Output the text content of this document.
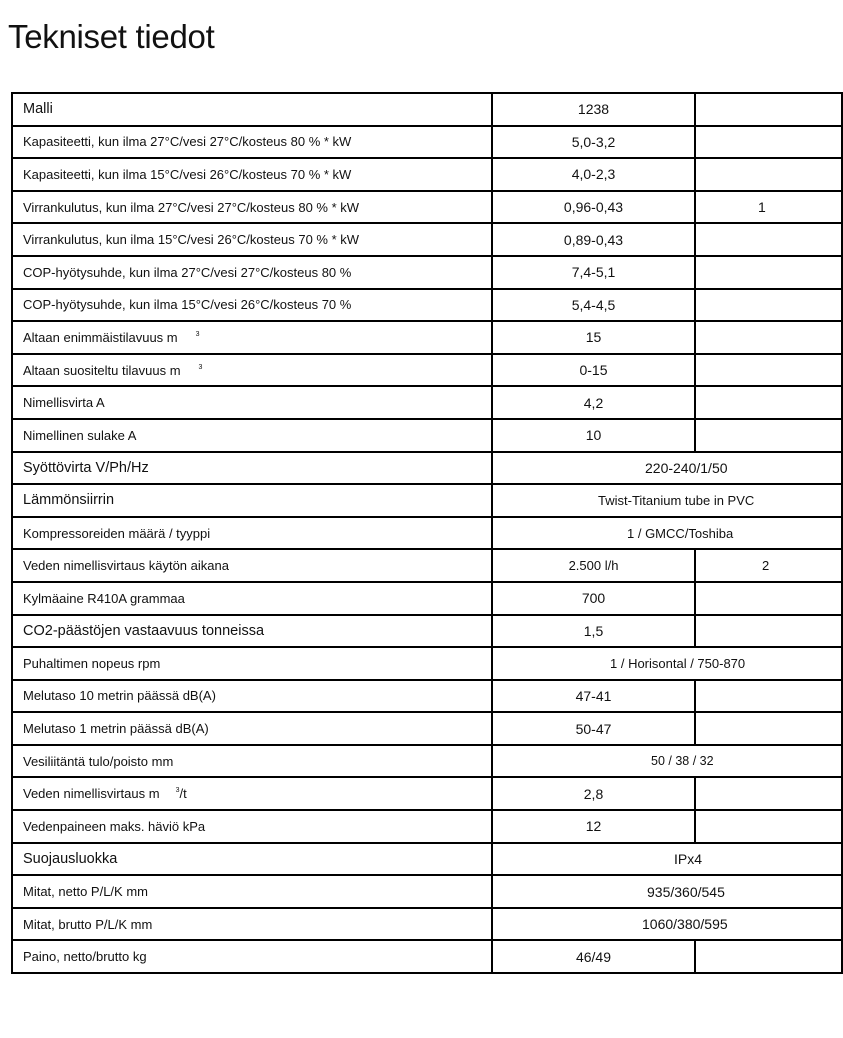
Tekniset tiedot
Malli	1238	
Kapasiteetti, kun ilma 27°C/vesi 27°C/kosteus 80 % * kW	5,0-3,2	
Kapasiteetti, kun ilma 15°C/vesi 26°C/kosteus 70 % * kW	4,0-2,3	
Virrankulutus, kun ilma 27°C/vesi 27°C/kosteus 80 % * kW	0,96-0,43	1
Virrankulutus, kun ilma 15°C/vesi 26°C/kosteus 70 % * kW	0,89-0,43	
COP-hyötysuhde, kun ilma 27°C/vesi 27°C/kosteus 80 %	7,4-5,1	
COP-hyötysuhde, kun ilma 15°C/vesi 26°C/kosteus 70 %	5,4-4,5	
Altaan enimmäistilavuus m $^3$	15	
Altaan suositeltu tilavuus m $^3$	0-15	
Nimellisvirta A	4,2	
Nimellinen sulake A	10	
Syöttövirta V/Ph/Hz	220-240/1/50	
Lämmönsiirrin	Twist-Titanium tube in PVC	
Kompressoreiden määrä / tyyppi	1 / GMCC/Toshiba	
Veden nimellisvirtaus käytön aikana	2.500 l/h	2
Kylmäaine R410A grammaa	700	
CO2-päästöjen vastaavuus tonneissa	1,5	
Puhaltimen nopeus rpm	1 / Horisontal / 750-870	
Melutaso 10 metrin päässä dB(A)	47-41	
Melutaso 1 metrin päässä dB(A)	50-47	
Vesiliitäntä tulo/poisto mm	50 / 38 / 32	
Veden nimellisvirtaus m $^3$/t	2,8	
Vedenpaineen maks. häviö kPa	12	
Suojausluokka	IPx4	
Mitat, netto P/L/K mm	935/360/545	
Mitat, brutto P/L/K mm	1060/380/595	
Paino, netto/brutto kg	46/49	
